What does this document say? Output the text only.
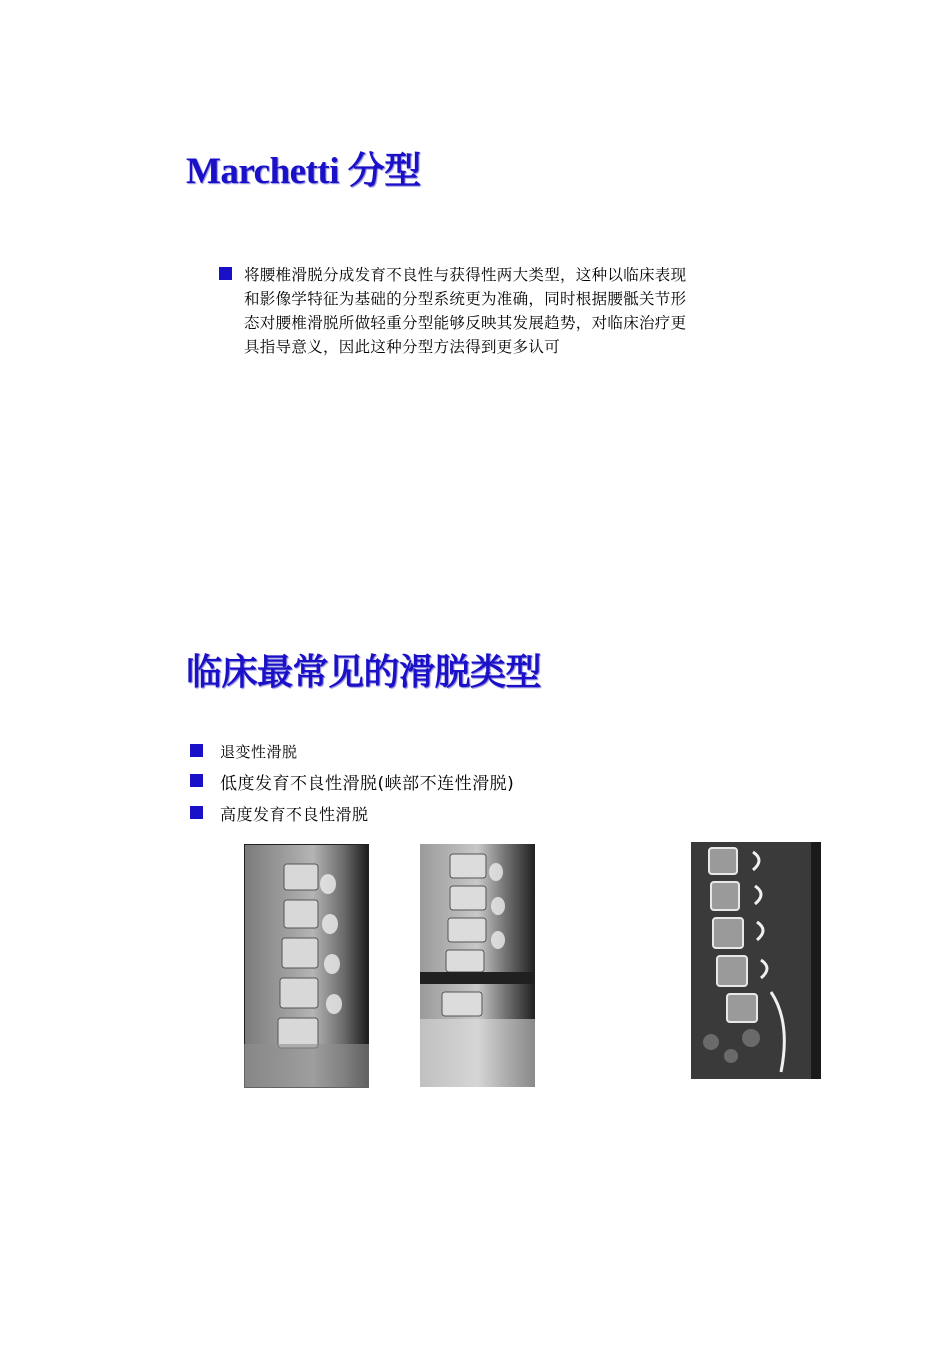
Marchetti 分型
将腰椎滑脱分成发育不良性与获得性两大类型，这种以临床表现
和影像学特征为基础的分型系统更为准确，同时根据腰骶关节形
态对腰椎滑脱所做轻重分型能够反映其发展趋势，对临床治疗更
具指导意义，因此这种分型方法得到更多认可
临床最常见的滑脱类型
退变性滑脱
低度发育不良性滑脱(峡部不连性滑脱)
高度发育不良性滑脱
